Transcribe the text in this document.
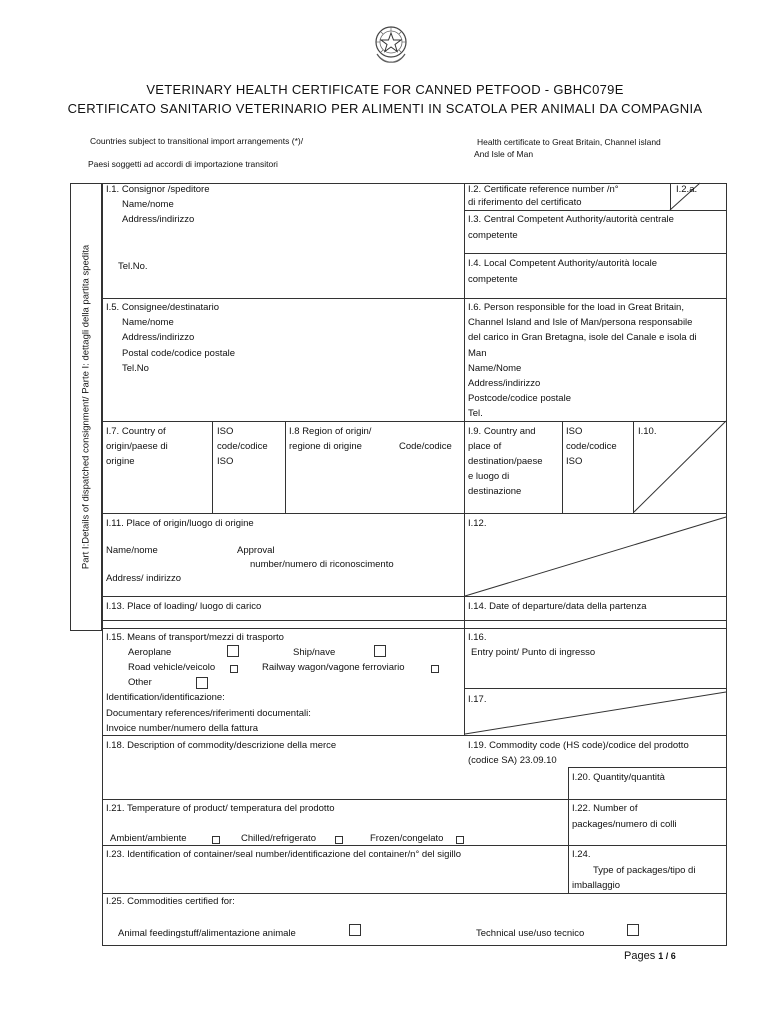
VETERINARY HEALTH CERTIFICATE FOR CANNED PETFOOD - GBHC079E
CERTIFICATO SANITARIO VETERINARIO PER ALIMENTI IN SCATOLA PER ANIMALI DA COMPAGNIA
Countries subject to transitional import arrangements (*)/
Paesi soggetti ad accordi di importazione transitori
Health certificate to Great Britain, Channel island
And Isle of Man
Part I:Details of dispatched consignment/ Parte I: dettagli della partita spedita
I.1. Consignor /speditore
Name/nome
Address/indirizzo
Tel.No.
I.2. Certificate reference number /n°
di riferimento del certificato
I.2.a.
I.3. Central Competent Authority/autorità centrale
competente
I.4. Local Competent Authority/autorità locale
competente
I.5. Consignee/destinatario
Name/nome
Address/indirizzo
Postal code/codice postale
Tel.No
I.6. Person responsible for the load in Great Britain,
Channel Island and Isle of Man/persona responsabile
del carico in Gran Bretagna, isole del Canale e isola di
Man
Name/Nome
Address/indirizzo
Postcode/codice postale
Tel.
I.7. Country of
origin/paese di
origine
ISO
code/codice
ISO
I.8 Region of origin/
regione di origine	Code/codice
I.9. Country and
place of
destination/paese
e luogo di
destinazione
ISO
code/codice
ISO
I.10.
I.11. Place of origin/luogo di origine
Name/nome	Approval
number/numero di riconoscimento
Address/ indirizzo
I.12.
I.13. Place of loading/ luogo di carico	I.14. Date of departure/data della partenza
I.15. Means of transport/mezzi di trasporto
Aeroplane	Ship/nave
Road vehicle/veicolo	Railway wagon/vagone ferroviario
Other
Identification/identificazione:
Documentary references/riferimenti documentali:
Invoice number/numero della fattura
I.16.
Entry point/ Punto di ingresso
I.17.
I.18. Description of commodity/descrizione della merce	I.19. Commodity code (HS code)/codice del prodotto
(codice SA) 23.09.10
I.20. Quantity/quantità
I.21. Temperature of product/ temperatura del prodotto
Ambient/ambiente	Chilled/refrigerato	Frozen/congelato
I.22. Number of
packages/numero di colli
I.23. Identification of container/seal number/identificazione del container/n° del sigillo	I.24.
Type of packages/tipo di
imballaggio
I.25. Commodities certified for:
Animal feedingstuff/alimentazione animale	Technical use/uso tecnico
Pages 1 / 6
